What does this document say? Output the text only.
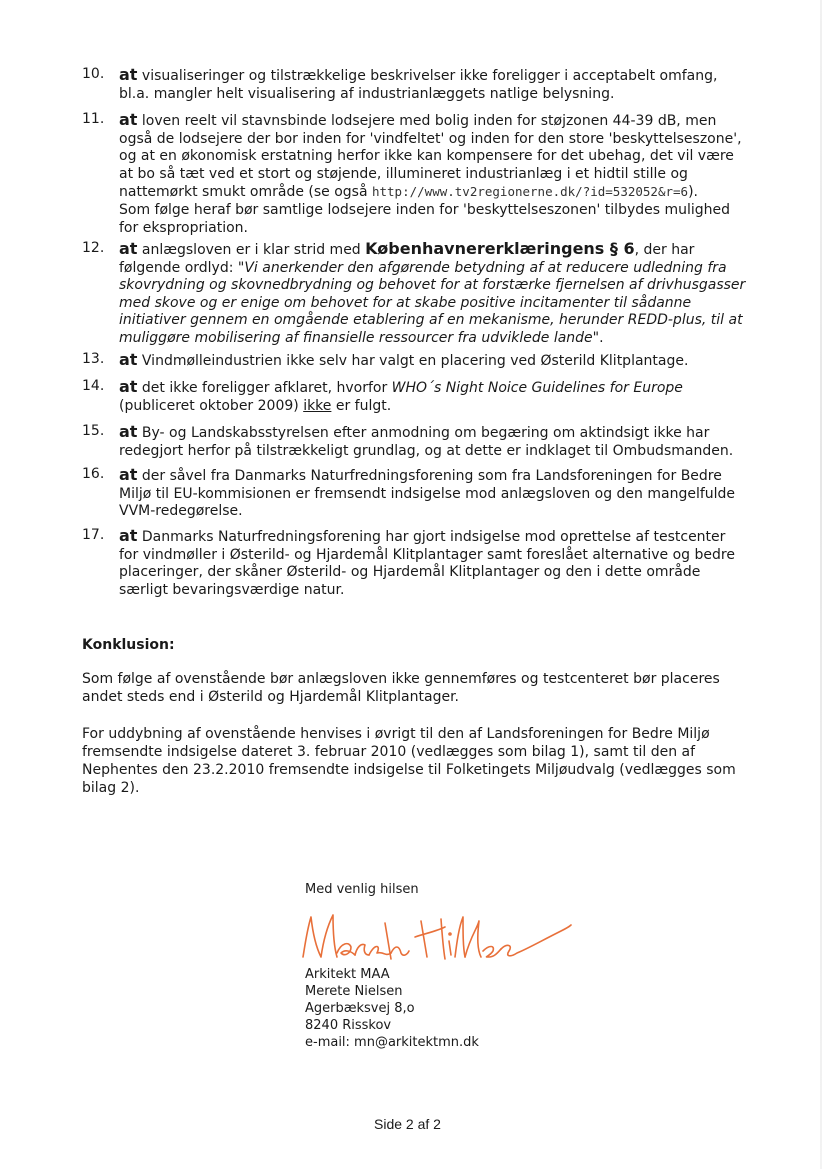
10. at visualiseringer og tilstrækkelige beskrivelser ikke foreligger i acceptabelt omfang,
bl.a. mangler helt visualisering af industrianlæggets natlige belysning.
11. at loven reelt vil stavnsbinde lodsejere med bolig inden for støjzonen 44-39 dB, men
også de lodsejere der bor inden for 'vindfeltet' og inden for den store 'beskyttelseszone',
og at en økonomisk erstatning herfor ikke kan kompensere for det ubehag, det vil være
at bo så tæt ved et stort og støjende, illumineret industrianlæg i et hidtil stille og
nattemørkt smukt område (se også http://www.tv2regionerne.dk/?id=532052&r=6).
Som følge heraf bør samtlige lodsejere inden for 'beskyttelseszonen' tilbydes mulighed
for ekspropriation.
12. at anlægsloven er i klar strid med Københavnererklæringens § 6, der har
følgende ordlyd: "Vi anerkender den afgørende betydning af at reducere udledning fra
skovrydning og skovnedbrydning og behovet for at forstærke fjernelsen af drivhusgasser
med skove og er enige om behovet for at skabe positive incitamenter til sådanne
initiativer gennem en omgående etablering af en mekanisme, herunder REDD-plus, til at
muliggøre mobilisering af finansielle ressourcer fra udviklede lande".
13. at Vindmølleindustrien ikke selv har valgt en placering ved Østerild Klitplantage.
14. at det ikke foreligger afklaret, hvorfor WHO´s Night Noice Guidelines for Europe
(publiceret oktober 2009) ikke er fulgt.
15. at By- og Landskabsstyrelsen efter anmodning om begæring om aktindsigt ikke har
redegjort herfor på tilstrækkeligt grundlag, og at dette er indklaget til Ombudsmanden.
16. at der såvel fra Danmarks Naturfredningsforening som fra Landsforeningen for Bedre
Miljø til EU-kommisionen er fremsendt indsigelse mod anlægsloven og den mangelfulde
VVM-redegørelse.
17. at Danmarks Naturfredningsforening har gjort indsigelse mod oprettelse af testcenter
for vindmøller i Østerild- og Hjardemål Klitplantager samt foreslået alternative og bedre
placeringer, der skåner Østerild- og Hjardemål Klitplantager og den i dette område
særligt bevaringsværdige natur.
Konklusion:
Som følge af ovenstående bør anlægsloven ikke gennemføres og testcenteret bør placeres
andet steds end i Østerild og Hjardemål Klitplantager.
For uddybning af ovenstående henvises i øvrigt til den af Landsforeningen for Bedre Miljø
fremsendte indsigelse dateret 3. februar 2010 (vedlægges som bilag 1), samt til den af
Nephentes den 23.2.2010 fremsendte indsigelse til Folketingets Miljøudvalg (vedlægges som
bilag 2).
Med venlig hilsen
Arkitekt MAA
Merete Nielsen
Agerbæksvej 8,o
8240 Risskov
e-mail: mn@arkitektmn.dk
Side 2 af 2
